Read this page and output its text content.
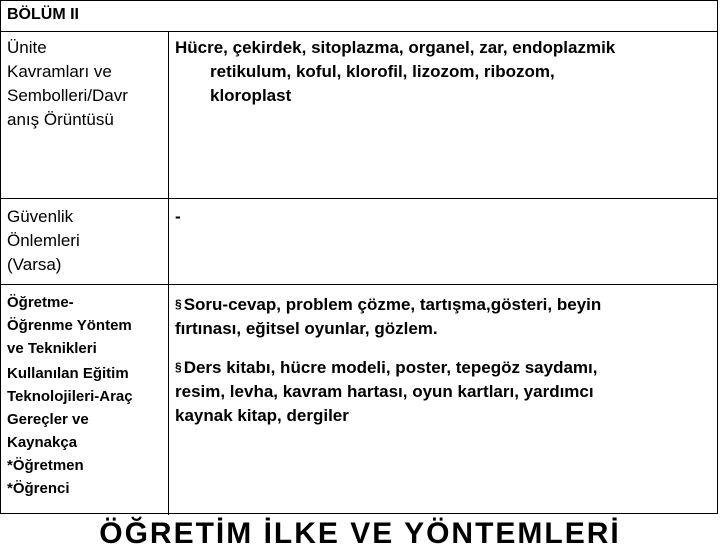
BÖLÜM II
Ünite
Kavramları ve
Sembolleri/Davr
anış Örüntüsü
Hücre, çekirdek, sitoplazma, organel, zar, endoplazmik
retikulum, koful, klorofil, lizozom, ribozom,
kloroplast
Güvenlik
Önlemleri
(Varsa)
-
Öğretme-
Öğrenme Yöntem
ve Teknikleri
Kullanılan Eğitim
Teknolojileri-Araç
Gereçler ve
Kaynakça
*Öğretmen
*Öğrenci
§ Soru-cevap, problem çözme, tartışma,gösteri, beyin
fırtınası, eğitsel oyunlar, gözlem.
§ Ders kitabı, hücre modeli, poster, tepegöz saydamı,
resim, levha, kavram hartası, oyun kartları, yardımcı
kaynak kitap, dergiler
ÖĞRETİM İLKE VE YÖNTEMLERİ
